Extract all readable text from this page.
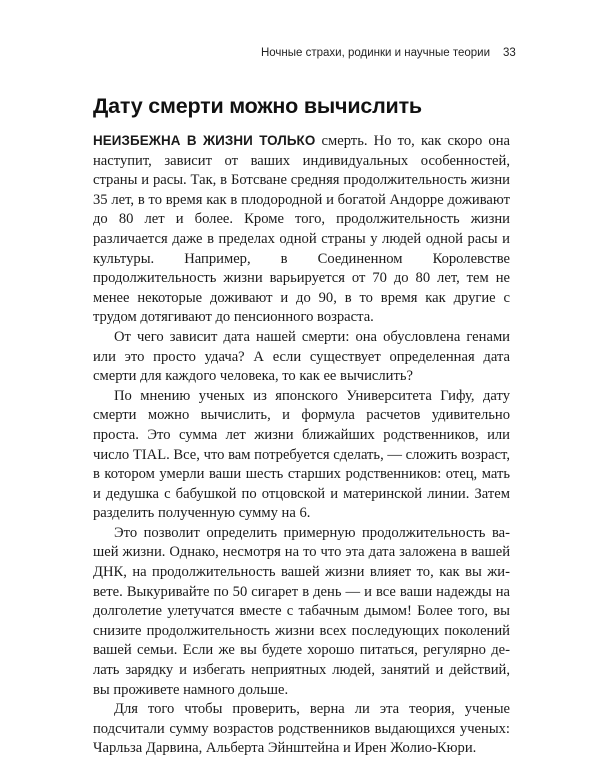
Ночные страхи, родинки и научные теории 33
Дату смерти можно вычислить

НЕИЗБЕЖНА В ЖИЗНИ ТОЛЬКО смерть. Но то, как скоро она наступит, зависит от ваших индивидуальных особенностей, страны и расы. Так, в Ботсване средняя продолжительность жизни 35 лет, в то время как в плодородной и богатой Андорре доживают до 80 лет и более. Кроме того, продолжительность жизни различается даже в пределах одной страны у людей одной расы и культуры. Например, в Соединенном Королевстве продолжительность жизни варьируется от 70 до 80 лет, тем не менее некоторые доживают и до 90, в то время как другие с трудом дотягивают до пенсионного возраста.

От чего зависит дата нашей смерти: она обусловлена генами или это просто удача? А если существует определенная дата смерти для каждого человека, то как ее вычислить?

По мнению ученых из японского Университета Гифу, дату смерти можно вычислить, и формула расчетов удивительно проста. Это сумма лет жизни ближайших родственников, или число TIAL. Все, что вам потребуется сделать, — сложить возраст, в котором умерли ваши шесть старших родственников: отец, мать и дедушка с бабушкой по отцовской и материнской линии. Затем разделить полученную сумму на 6.

Это позволит определить примерную продолжительность вашей жизни. Однако, несмотря на то что эта дата заложена в вашей ДНК, на продолжительность вашей жизни влияет то, как вы живете. Выкуривайте по 50 сигарет в день — и все ваши надежды на долголетие улетучатся вместе с табачным дымом! Более того, вы снизите продолжительность жизни всех последующих поколений вашей семьи. Если же вы будете хорошо питаться, регулярно делать зарядку и избегать неприятных людей, занятий и действий, вы проживете намного дольше.

Для того чтобы проверить, верна ли эта теория, ученые подсчитали сумму возрастов родственников выдающихся ученых: Чарльза Дарвина, Альберта Эйнштейна и Ирен Жолио-Кюри.
